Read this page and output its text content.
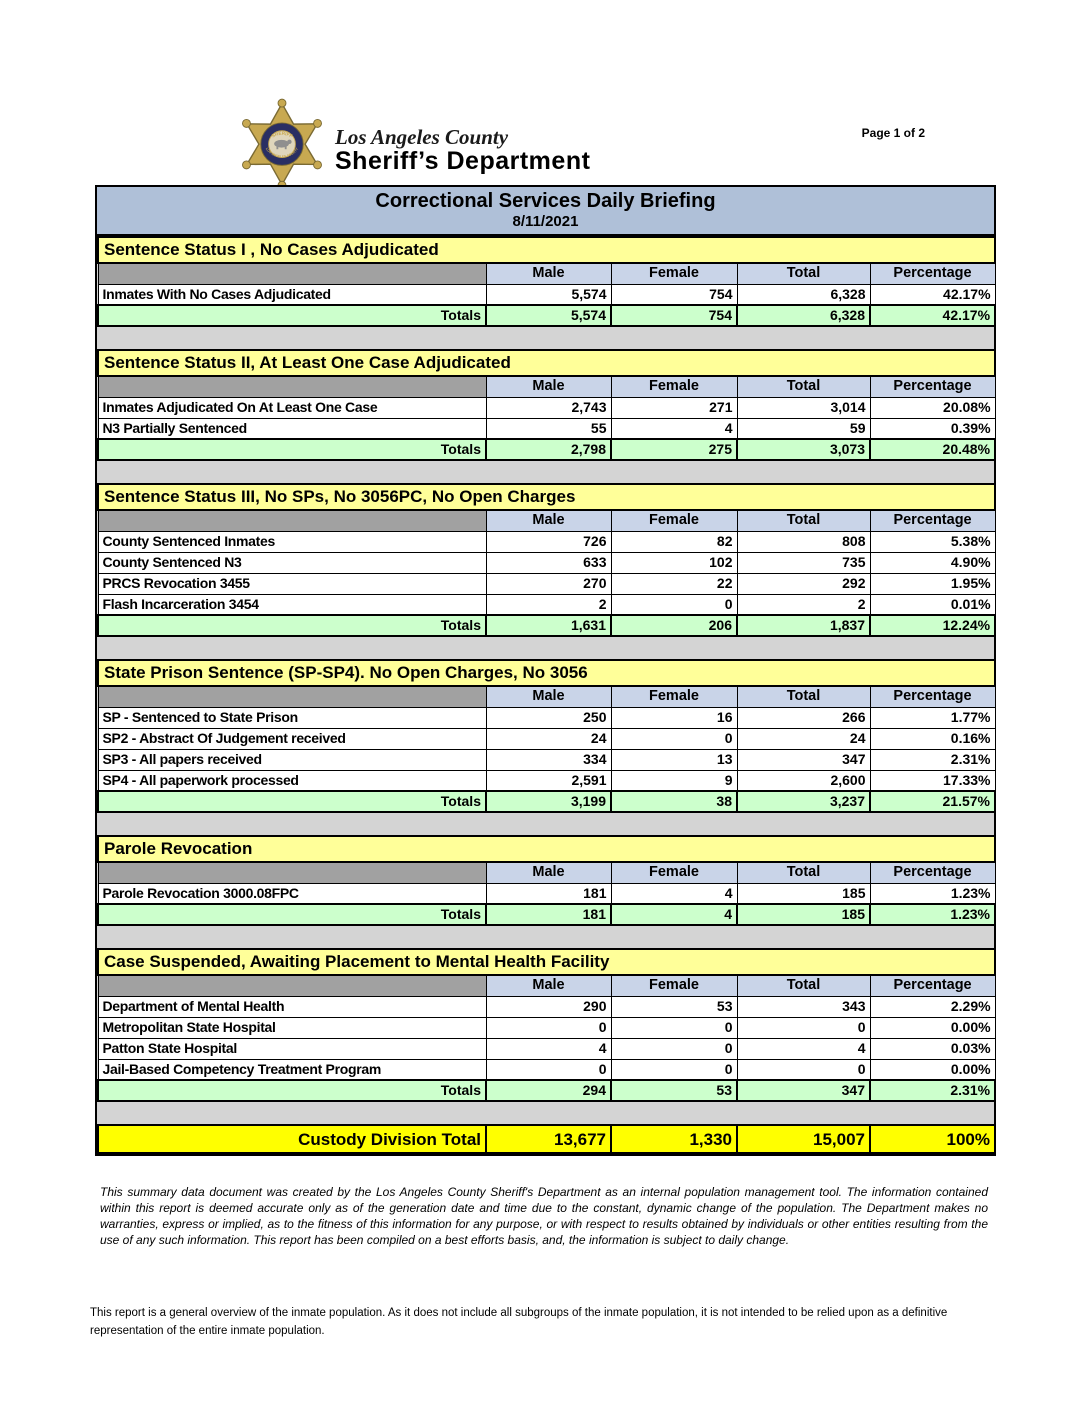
SHERIFF
LOS ANGELES COUNTY Los Angeles County
Sheriff’s Department
Page 1 of 2
Correctional Services Daily Briefing
8/11/2021
Sentence Status I , No Cases Adjudicated				
	Male	Female	Total	Percentage
Inmates With No Cases Adjudicated	5,574	754	6,328	42.17%
Totals	5,574	754	6,328	42.17%
Sentence Status II, At Least One Case Adjudicated				
	Male	Female	Total	Percentage
Inmates Adjudicated On At Least One Case	2,743	271	3,014	20.08%
N3 Partially Sentenced	55	4	59	0.39%
Totals	2,798	275	3,073	20.48%
Sentence Status III, No SPs, No 3056PC, No Open Charges				
	Male	Female	Total	Percentage
County Sentenced Inmates	726	82	808	5.38%
County Sentenced N3	633	102	735	4.90%
PRCS Revocation 3455	270	22	292	1.95%
Flash Incarceration 3454	2	0	2	0.01%
Totals	1,631	206	1,837	12.24%
State Prison Sentence (SP-SP4). No Open Charges, No 3056				
	Male	Female	Total	Percentage
SP - Sentenced to State Prison	250	16	266	1.77%
SP2 - Abstract Of Judgement received	24	0	24	0.16%
SP3 - All papers received	334	13	347	2.31%
SP4 - All paperwork processed	2,591	9	2,600	17.33%
Totals	3,199	38	3,237	21.57%
Parole Revocation				
	Male	Female	Total	Percentage
Parole Revocation 3000.08FPC	181	4	185	1.23%
Totals	181	4	185	1.23%
Case Suspended, Awaiting Placement to Mental Health Facility				
	Male	Female	Total	Percentage
Department of Mental Health	290	53	343	2.29%
Metropolitan State Hospital	0	0	0	0.00%
Patton State Hospital	4	0	4	0.03%
Jail-Based Competency Treatment Program	0	0	0	0.00%
Totals	294	53	347	2.31%
Custody Division Total	13,677	1,330	15,007	100%
This summary data document was created by the Los Angeles County Sheriff's Department as an internal population management tool. The information contained within this report is deemed accurate only as of the generation date and time due to the constant, dynamic change of the population. The Department makes no warranties, express or implied, as to the fitness of this information for any purpose, or with respect to results obtained by individuals or other entities resulting from the use of any such information. This report has been compiled on a best efforts basis, and, the information is subject to daily change.
This report is a general overview of the inmate population. As it does not include all subgroups of the inmate population, it is not intended to be relied upon as a definitive representation of the entire inmate population.
